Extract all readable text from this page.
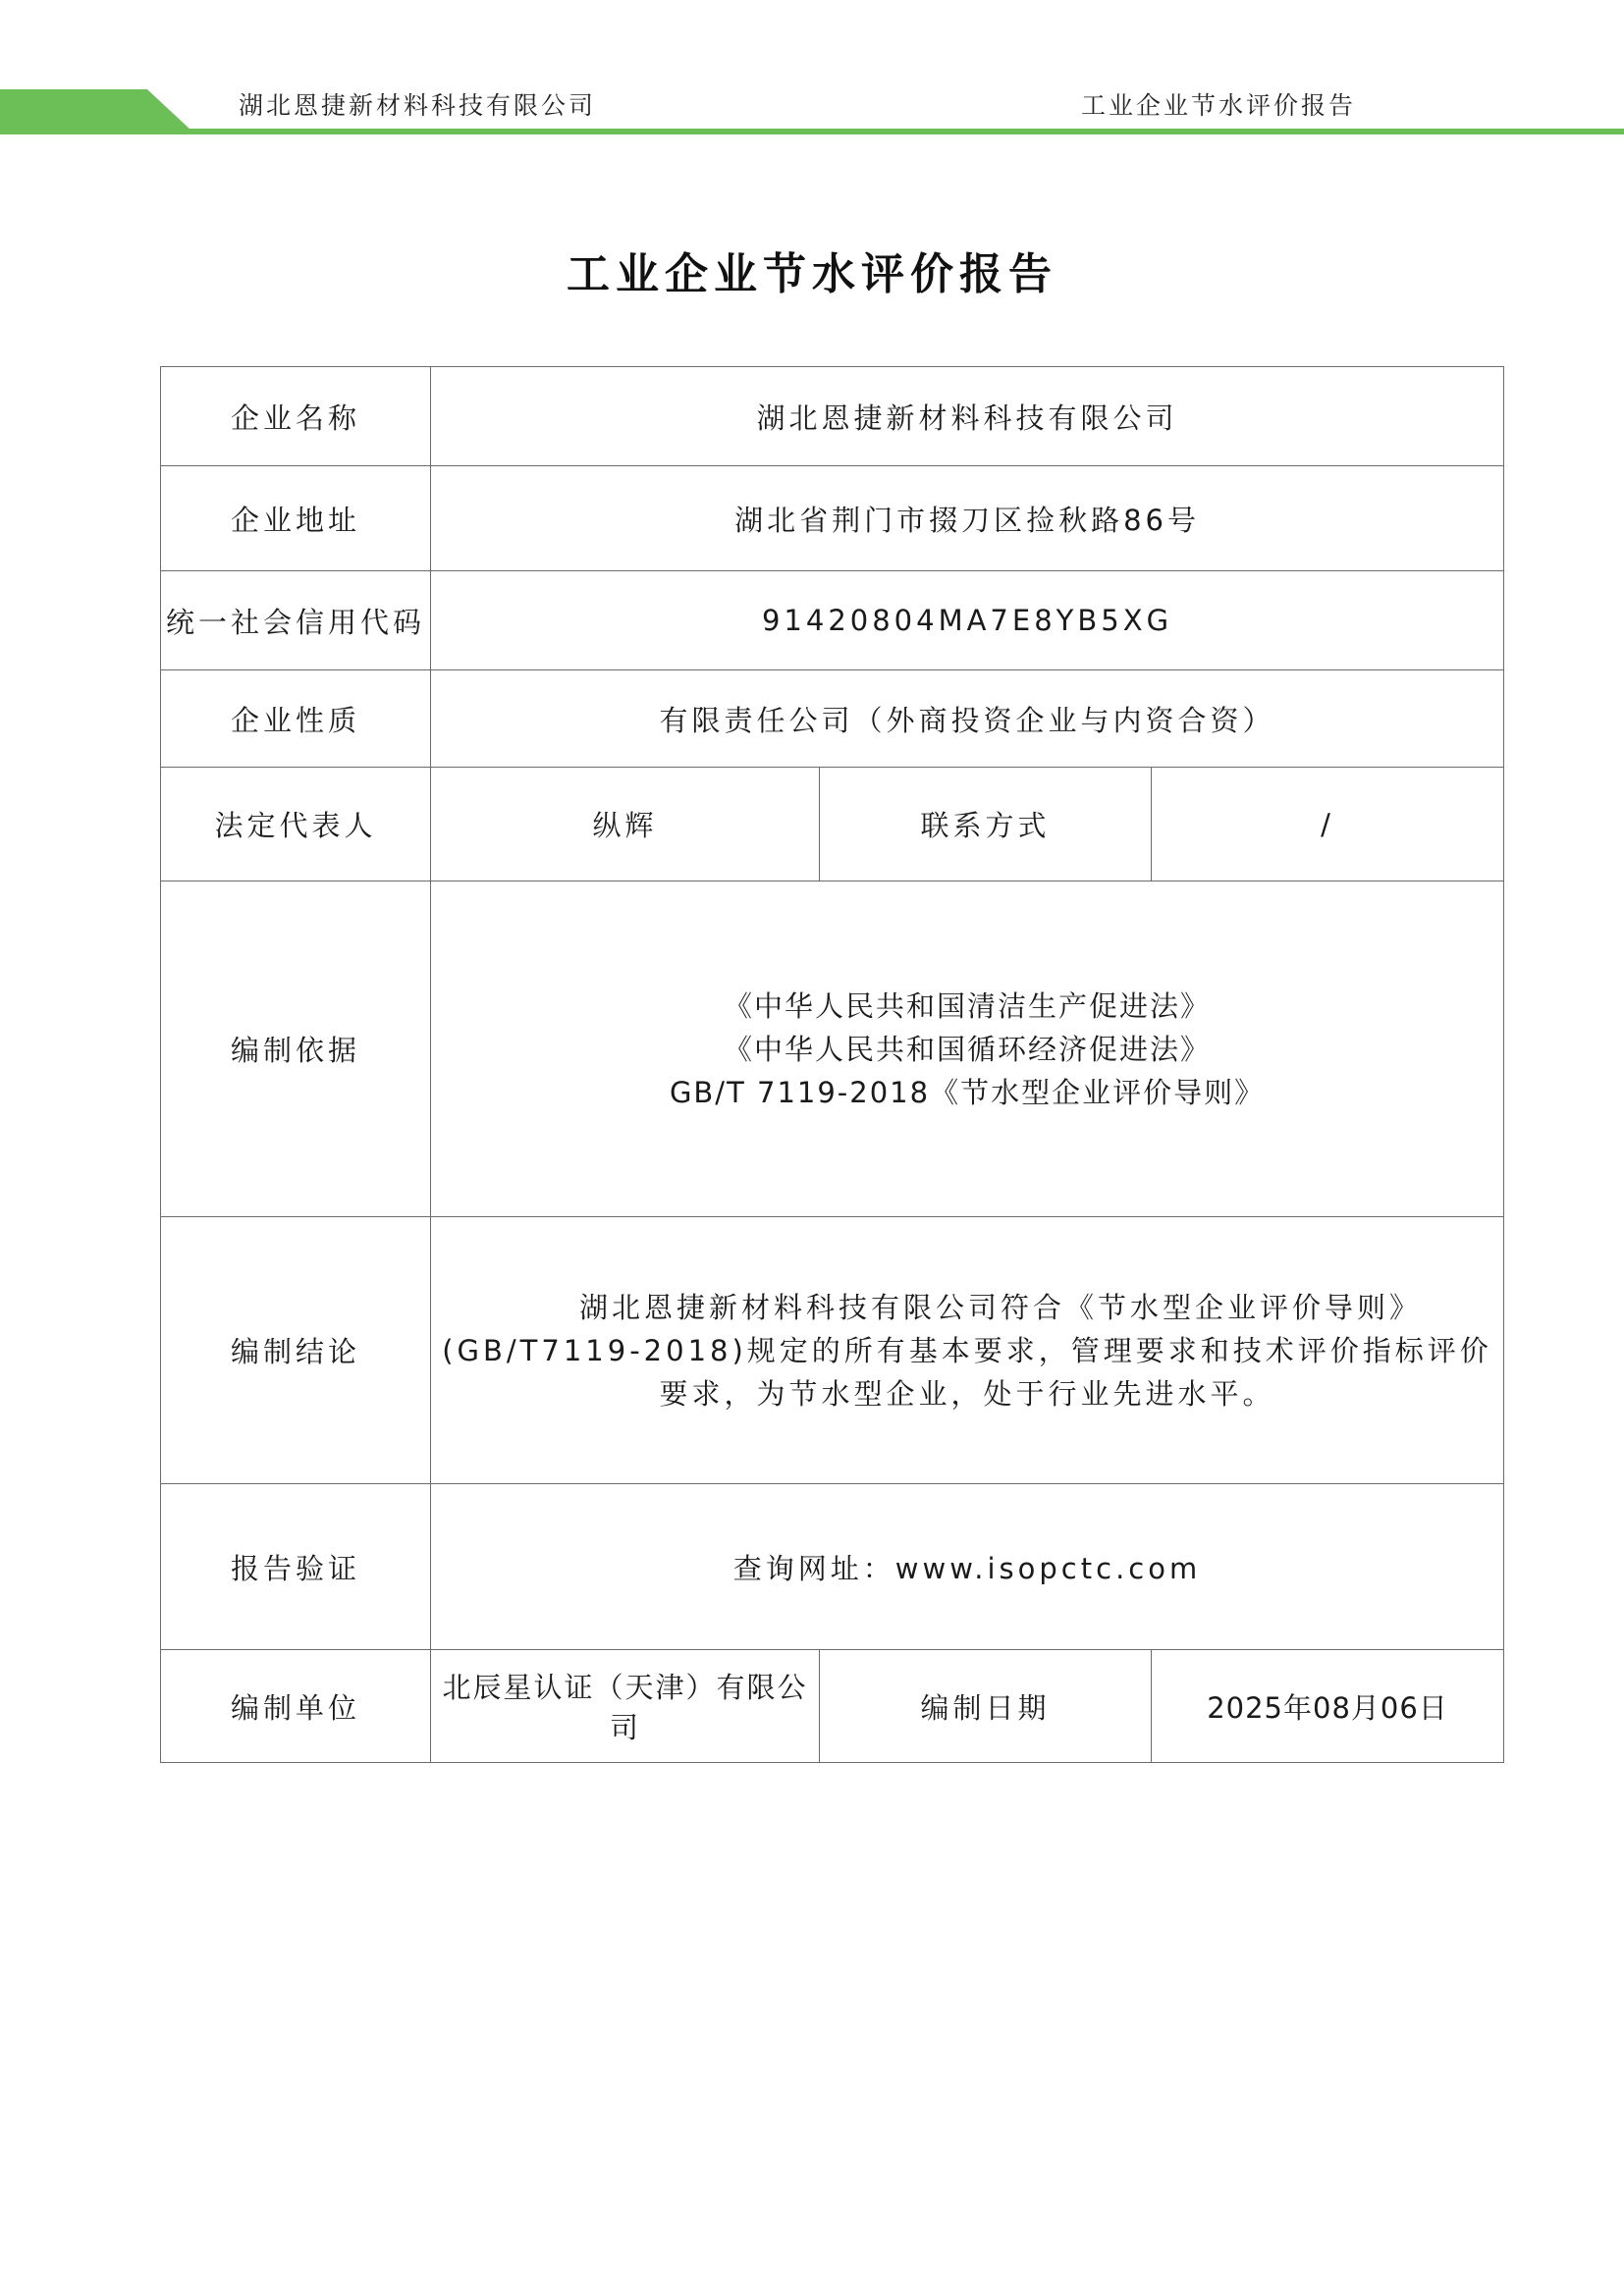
湖北恩捷新材料科技有限公司	工业企业节水评价报告
工业企业节水评价报告
企业名称	湖北恩捷新材料科技有限公司		
企业地址	湖北省荆门市掇刀区捡秋路86号		
统一社会信用代码	91420804MA7E8YB5XG		
企业性质	有限责任公司（外商投资企业与内资合资）		
法定代表人	纵辉	联系方式	/
编制依据	《中华人民共和国清洁生产促进法》
《中华人民共和国循环经济促进法》
GB/T 7119-2018《节水型企业评价导则》		

编制结论	湖北恩捷新材料科技有限公司符合《节水型企业评价导则》(GB/T7119-2018)规定的所有基本要求，管理要求和技术评价指标评价要求，为节水型企业，处于行业先进水平。		
报告验证	查询网址：www.isopctc.com		
编制单位	北辰星认证（天津）有限公司	编制日期	2025年08月06日
